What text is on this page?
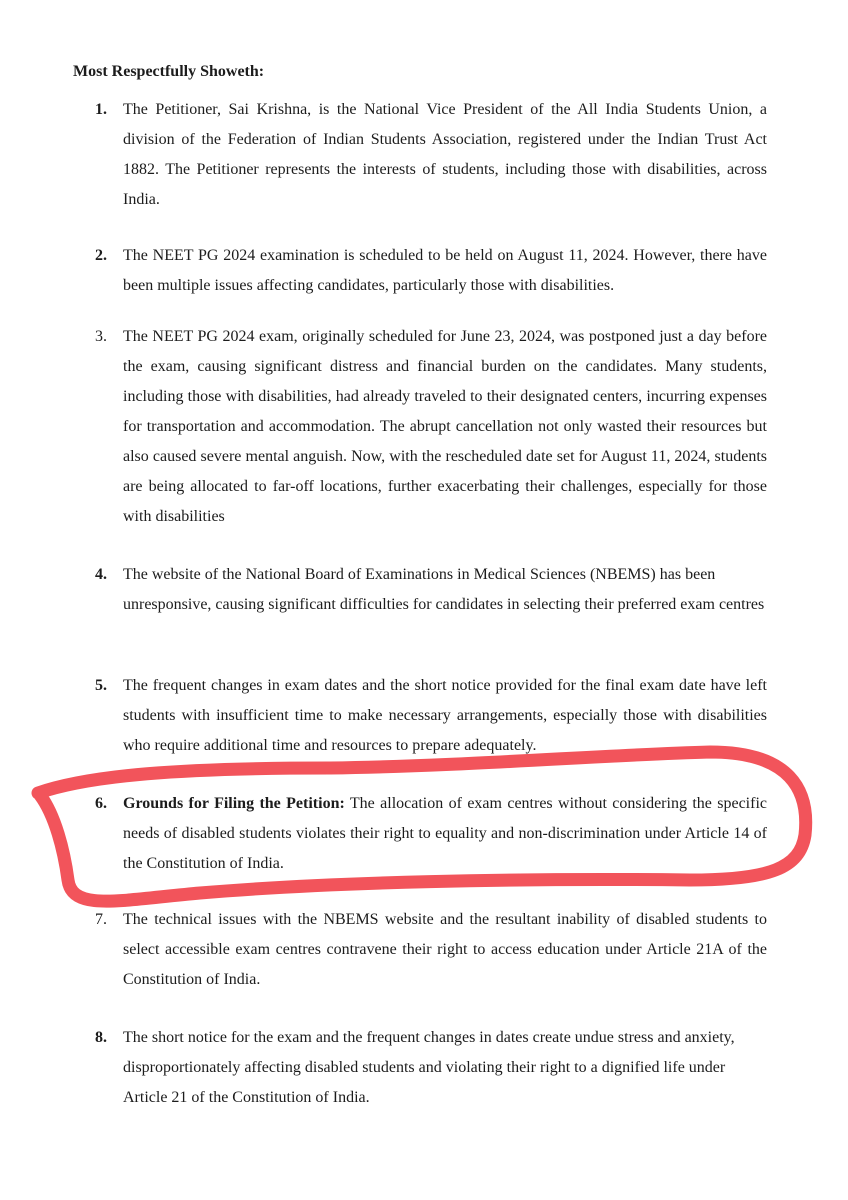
Most Respectfully Showeth:
1.	The Petitioner, Sai Krishna, is the National Vice President of the All India Students Union, a division of the Federation of Indian Students Association, registered under the Indian Trust Act 1882. The Petitioner represents the interests of students, including those with disabilities, across India.
2.	The NEET PG 2024 examination is scheduled to be held on August 11, 2024. However, there have been multiple issues affecting candidates, particularly those with disabilities.
3.	The NEET PG 2024 exam, originally scheduled for June 23, 2024, was postponed just a day before the exam, causing significant distress and financial burden on the candidates. Many students, including those with disabilities, had already traveled to their designated centers, incurring expenses for transportation and accommodation. The abrupt cancellation not only wasted their resources but also caused severe mental anguish. Now, with the rescheduled date set for August 11, 2024, students are being allocated to far-off locations, further exacerbating their challenges, especially for those with disabilities
4.	The website of the National Board of Examinations in Medical Sciences (NBEMS) has been unresponsive, causing significant difficulties for candidates in selecting their preferred exam centres
5.	The frequent changes in exam dates and the short notice provided for the final exam date have left students with insufficient time to make necessary arrangements, especially those with disabilities who require additional time and resources to prepare adequately.
6.	Grounds for Filing the Petition: The allocation of exam centres without considering the specific needs of disabled students violates their right to equality and non-discrimination under Article 14 of the Constitution of India.
7.	The technical issues with the NBEMS website and the resultant inability of disabled students to select accessible exam centres contravene their right to access education under Article 21A of the Constitution of India.
8.	The short notice for the exam and the frequent changes in dates create undue stress and anxiety, disproportionately affecting disabled students and violating their right to a dignified life under Article 21 of the Constitution of India.
